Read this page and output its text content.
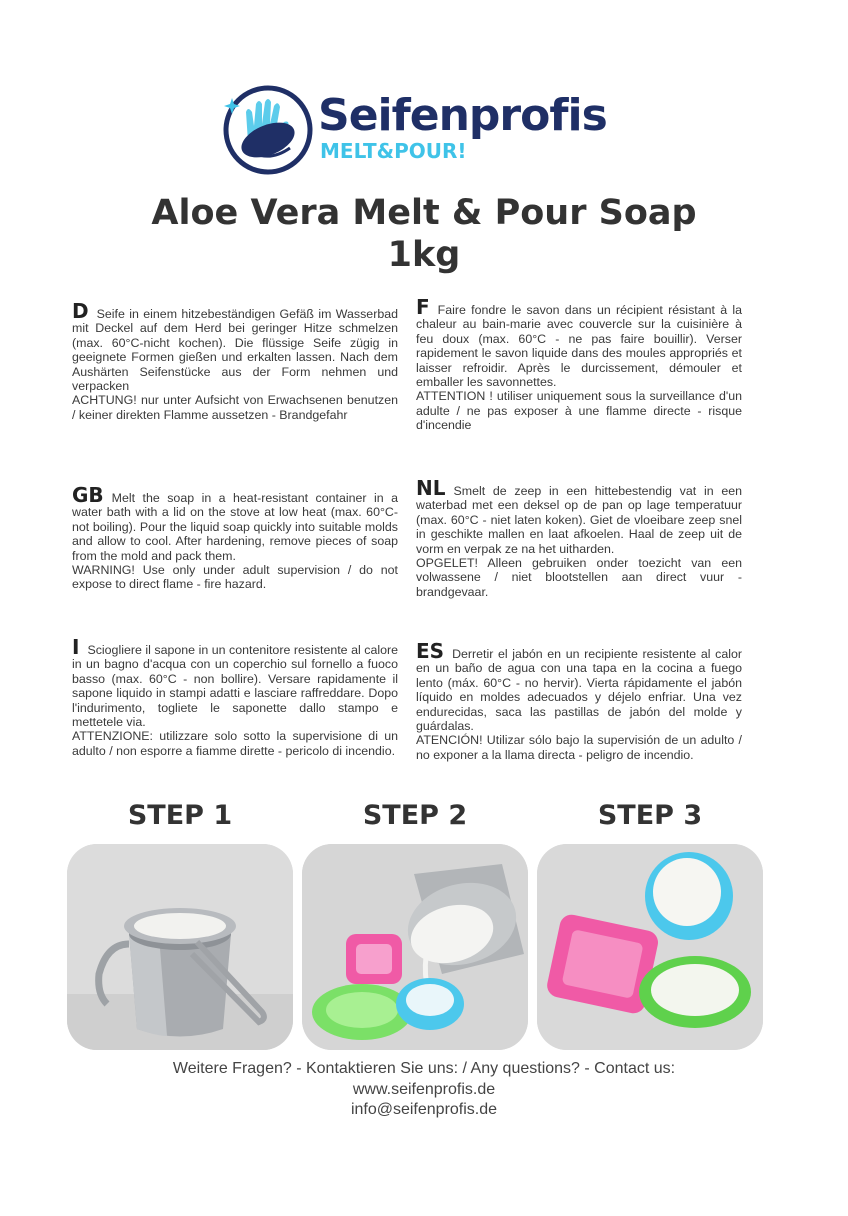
Seifenprofis
MELT&POUR!
Aloe Vera Melt & Pour Soap
1kg
D Seife in einem hitzebeständigen Gefäß im Wasserbad mit Deckel auf dem Herd bei geringer Hitze schmelzen (max. 60°C-nicht kochen). Die flüssige Seife zügig in geeignete Formen gießen und erkalten lassen. Nach dem Aushärten Seifenstücke aus der Form nehmen und verpacken
ACHTUNG! nur unter Aufsicht von Erwachsenen benutzen / keiner direkten Flamme aussetzen - Brandgefahr
F Faire fondre le savon dans un récipient résistant à la chaleur au bain-marie avec couvercle sur la cuisinière à feu doux (max. 60°C - ne pas faire bouillir). Verser rapidement le savon liquide dans des moules appropriés et laisser refroidir. Après le durcissement, démouler et emballer les savonnettes.
ATTENTION ! utiliser uniquement sous la surveillance d'un adulte / ne pas exposer à une flamme directe - risque d'incendie
GB Melt the soap in a heat-resistant container in a water bath with a lid on the stove at low heat (max. 60°C-not boiling). Pour the liquid soap quickly into suitable molds and allow to cool. After hardening, remove pieces of soap from the mold and pack them.
WARNING! Use only under adult supervision / do not expose to direct flame - fire hazard.
NL Smelt de zeep in een hittebestendig vat in een waterbad met een deksel op de pan op lage temperatuur (max. 60°C - niet laten koken). Giet de vloeibare zeep snel in geschikte mallen en laat afkoelen. Haal de zeep uit de vorm en verpak ze na het uitharden.
OPGELET! Alleen gebruiken onder toezicht van een volwassene / niet blootstellen aan direct vuur - brandgevaar.
I Sciogliere il sapone in un contenitore resistente al calore in un bagno d'acqua con un coperchio sul fornello a fuoco basso (max. 60°C - non bollire). Versare rapidamente il sapone liquido in stampi adatti e lasciare raffreddare. Dopo l'indurimento, togliete le saponette dallo stampo e mettetele via.
ATTENZIONE: utilizzare solo sotto la supervisione di un adulto / non esporre a fiamme dirette - pericolo di incendio.
ES Derretir el jabón en un recipiente resistente al calor en un baño de agua con una tapa en la cocina a fuego lento (máx. 60°C - no hervir). Vierta rápidamente el jabón líquido en moldes adecuados y déjelo enfriar. Una vez endurecidas, saca las pastillas de jabón del molde y guárdalas.
ATENCIÓN! Utilizar sólo bajo la supervisión de un adulto / no exponer a la llama directa - peligro de incendio.
STEP 1	STEP 2	STEP 3
Weitere Fragen? - Kontaktieren Sie uns: / Any questions? - Contact us:
www.seifenprofis.de
info@seifenprofis.de
